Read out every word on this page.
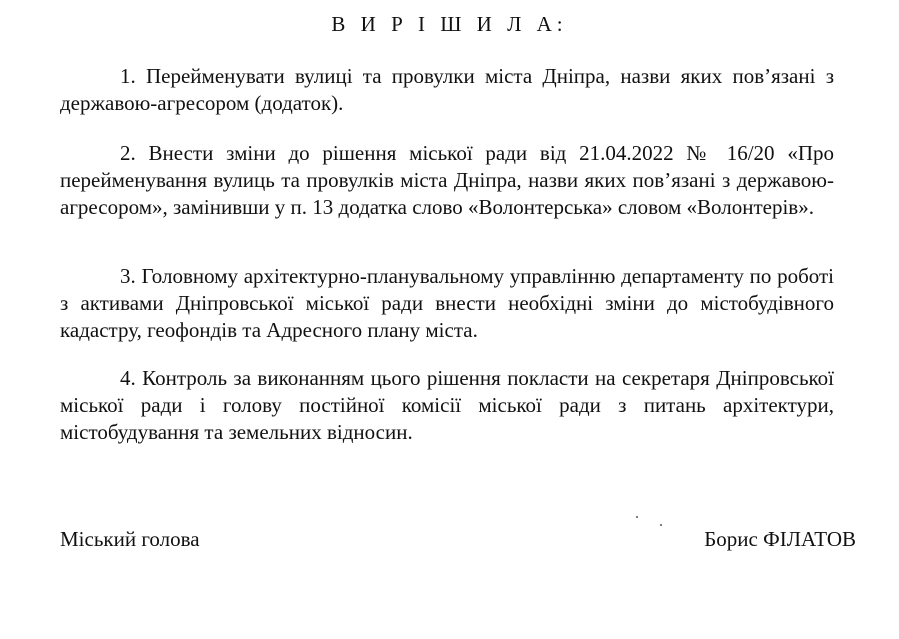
В И Р І Ш И Л А:

1. Перейменувати вулиці та провулки міста Дніпра, назви яких пов’язані з державою-агресором (додаток).

2. Внести зміни до рішення міської ради від 21.04.2022 № 16/20 «Про перейменування вулиць та провулків міста Дніпра, назви яких пов’язані з державою-агресором», замінивши у п. 13 додатка слово «Волонтерська» словом «Волонтерів».

3. Головному архітектурно-планувальному управлінню департаменту по роботі з активами Дніпровської міської ради внести необхідні зміни до містобудівного кадастру, геофондів та Адресного плану міста.

4. Контроль за виконанням цього рішення покласти на секретаря Дніпровської міської ради і голову постійної комісії міської ради з питань архітектури, містобудування та земельних відносин.

Міський голова	Борис ФІЛАТОВ
